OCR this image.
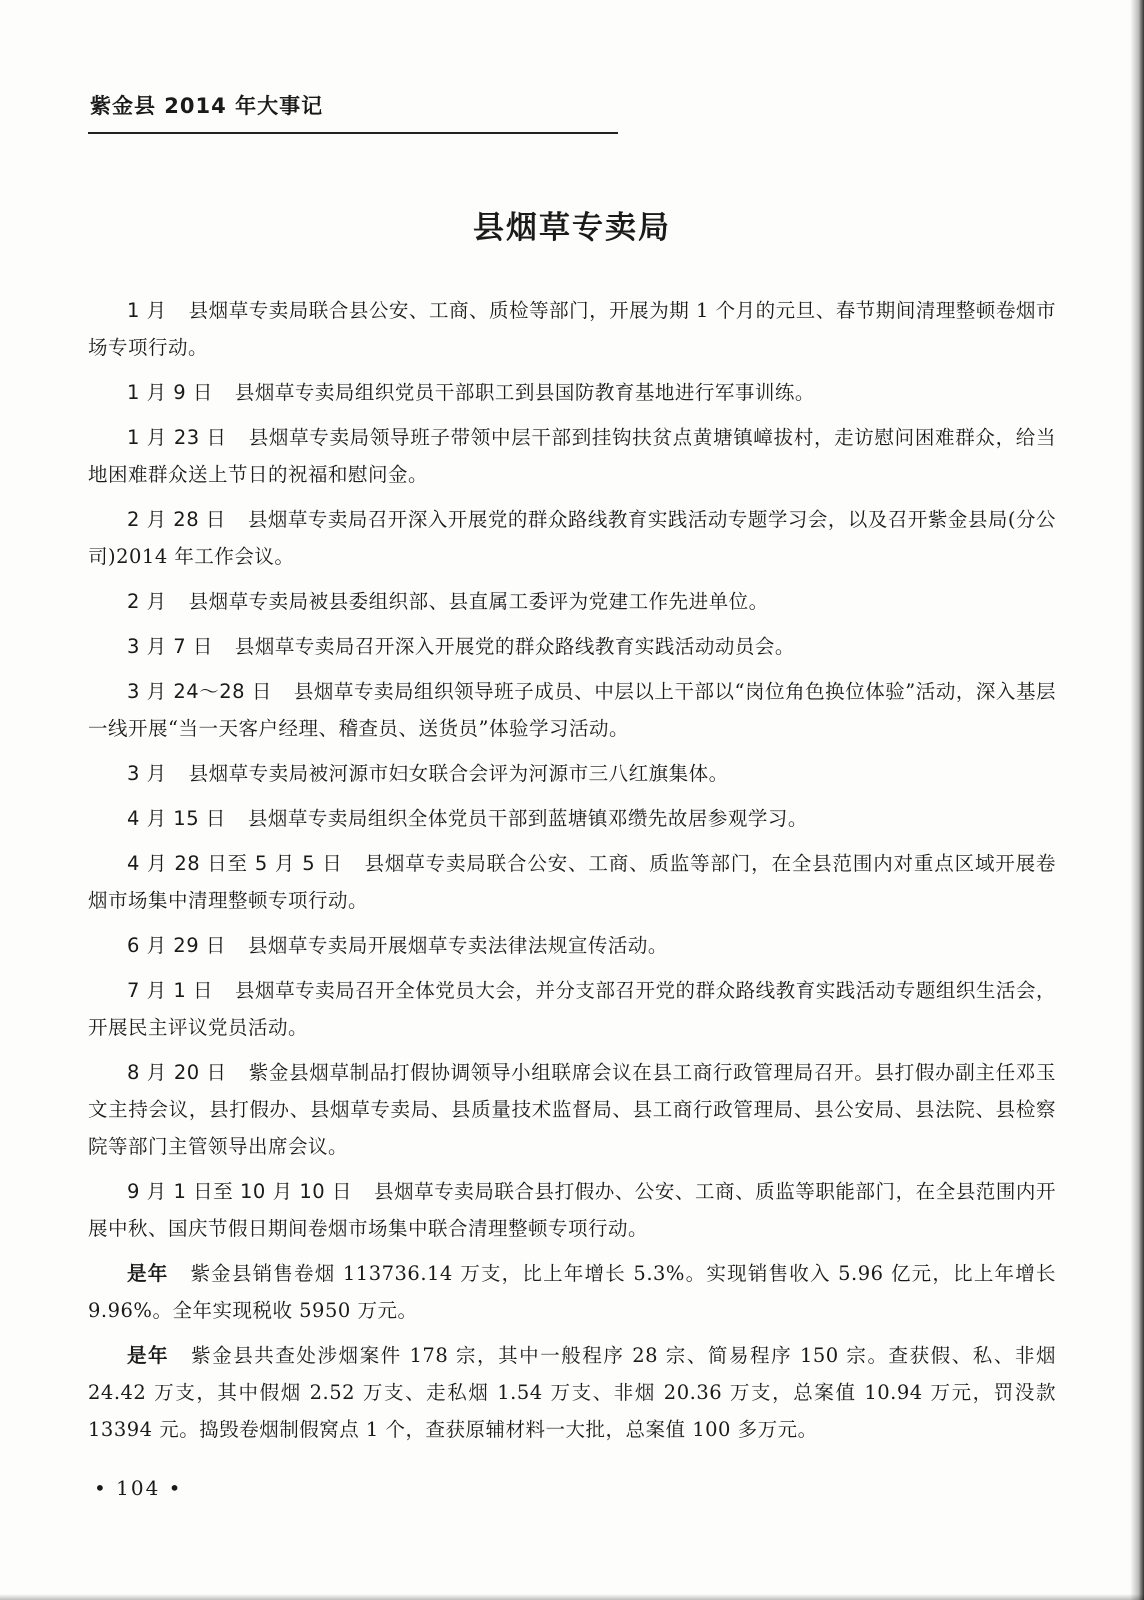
紫金县 2014 年大事记
县烟草专卖局

1 月 县烟草专卖局联合县公安、工商、质检等部门，开展为期 1 个月的元旦、春节期间清理整顿卷烟市场专项行动。

1 月 9 日 县烟草专卖局组织党员干部职工到县国防教育基地进行军事训练。

1 月 23 日 县烟草专卖局领导班子带领中层干部到挂钩扶贫点黄塘镇嶂拔村，走访慰问困难群众，给当地困难群众送上节日的祝福和慰问金。

2 月 28 日 县烟草专卖局召开深入开展党的群众路线教育实践活动专题学习会，以及召开紫金县局(分公司)2014 年工作会议。

2 月 县烟草专卖局被县委组织部、县直属工委评为党建工作先进单位。

3 月 7 日 县烟草专卖局召开深入开展党的群众路线教育实践活动动员会。

3 月 24～28 日 县烟草专卖局组织领导班子成员、中层以上干部以“岗位角色换位体验”活动，深入基层一线开展“当一天客户经理、稽查员、送货员”体验学习活动。

3 月 县烟草专卖局被河源市妇女联合会评为河源市三八红旗集体。

4 月 15 日 县烟草专卖局组织全体党员干部到蓝塘镇邓缵先故居参观学习。

4 月 28 日至 5 月 5 日 县烟草专卖局联合公安、工商、质监等部门，在全县范围内对重点区域开展卷烟市场集中清理整顿专项行动。

6 月 29 日 县烟草专卖局开展烟草专卖法律法规宣传活动。

7 月 1 日 县烟草专卖局召开全体党员大会，并分支部召开党的群众路线教育实践活动专题组织生活会，开展民主评议党员活动。

8 月 20 日 紫金县烟草制品打假协调领导小组联席会议在县工商行政管理局召开。县打假办副主任邓玉文主持会议，县打假办、县烟草专卖局、县质量技术监督局、县工商行政管理局、县公安局、县法院、县检察院等部门主管领导出席会议。

9 月 1 日至 10 月 10 日 县烟草专卖局联合县打假办、公安、工商、质监等职能部门，在全县范围内开展中秋、国庆节假日期间卷烟市场集中联合清理整顿专项行动。

是年 紫金县销售卷烟 113736.14 万支，比上年增长 5.3%。实现销售收入 5.96 亿元，比上年增长 9.96%。全年实现税收 5950 万元。

是年 紫金县共查处涉烟案件 178 宗，其中一般程序 28 宗、简易程序 150 宗。查获假、私、非烟 24.42 万支，其中假烟 2.52 万支、走私烟 1.54 万支、非烟 20.36 万支，总案值 10.94 万元，罚没款 13394 元。捣毁卷烟制假窝点 1 个，查获原辅材料一大批，总案值 100 多万元。

• 104 •
